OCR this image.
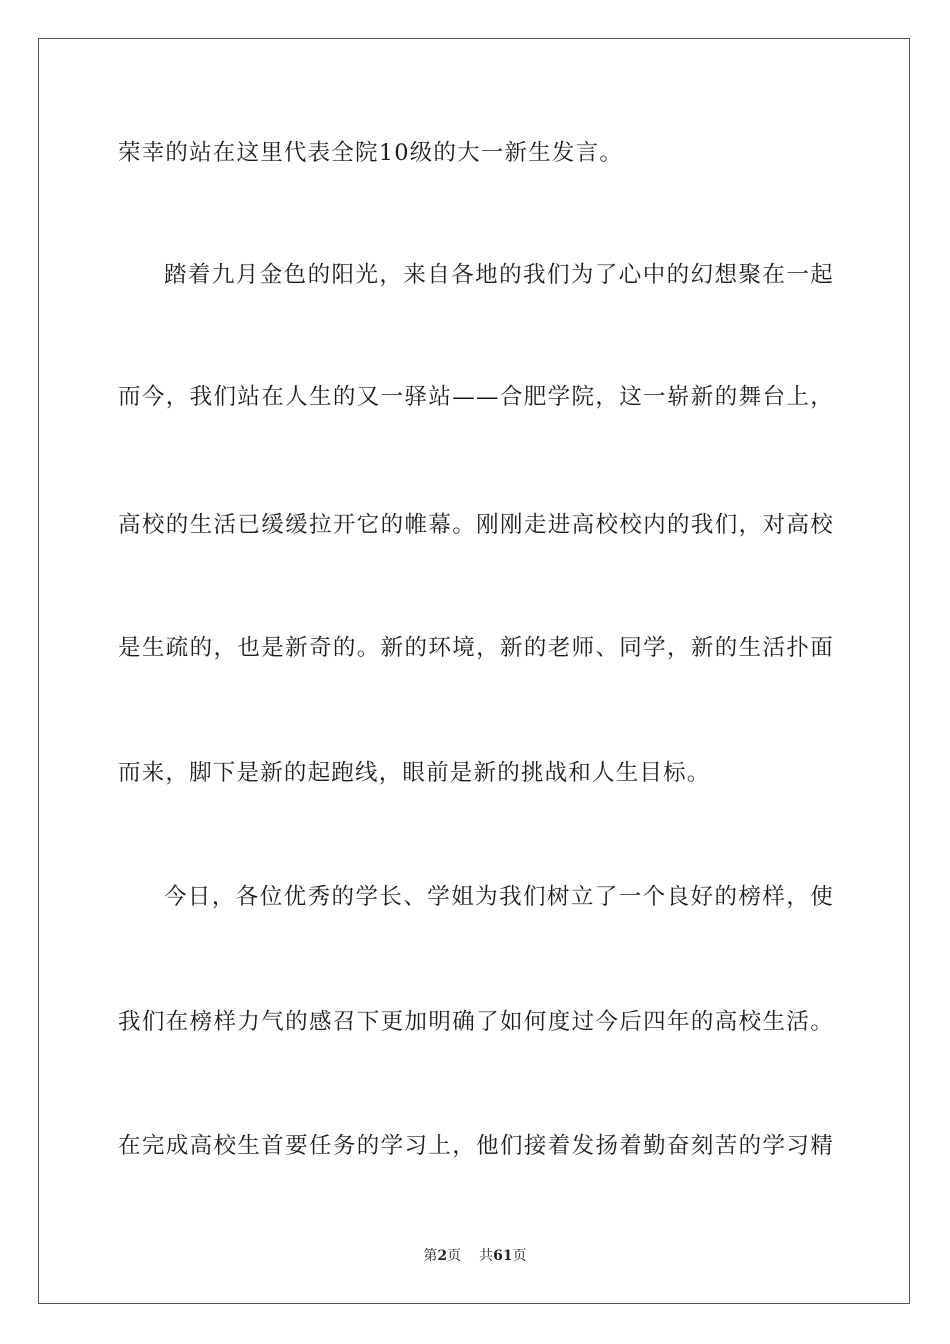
荣幸的站在这里代表全院10级的大一新生发言。
踏着九月金色的阳光，来自各地的我们为了心中的幻想聚在一起
而今，我们站在人生的又一驿站——合肥学院，这一崭新的舞台上，
高校的生活已缓缓拉开它的帷幕。刚刚走进高校校内的我们，对高校
是生疏的，也是新奇的。新的环境，新的老师、同学，新的生活扑面
而来，脚下是新的起跑线，眼前是新的挑战和人生目标。
今日，各位优秀的学长、学姐为我们树立了一个良好的榜样，使
我们在榜样力气的感召下更加明确了如何度过今后四年的高校生活。
在完成高校生首要任务的学习上，他们接着发扬着勤奋刻苦的学习精
第2页 共61页
